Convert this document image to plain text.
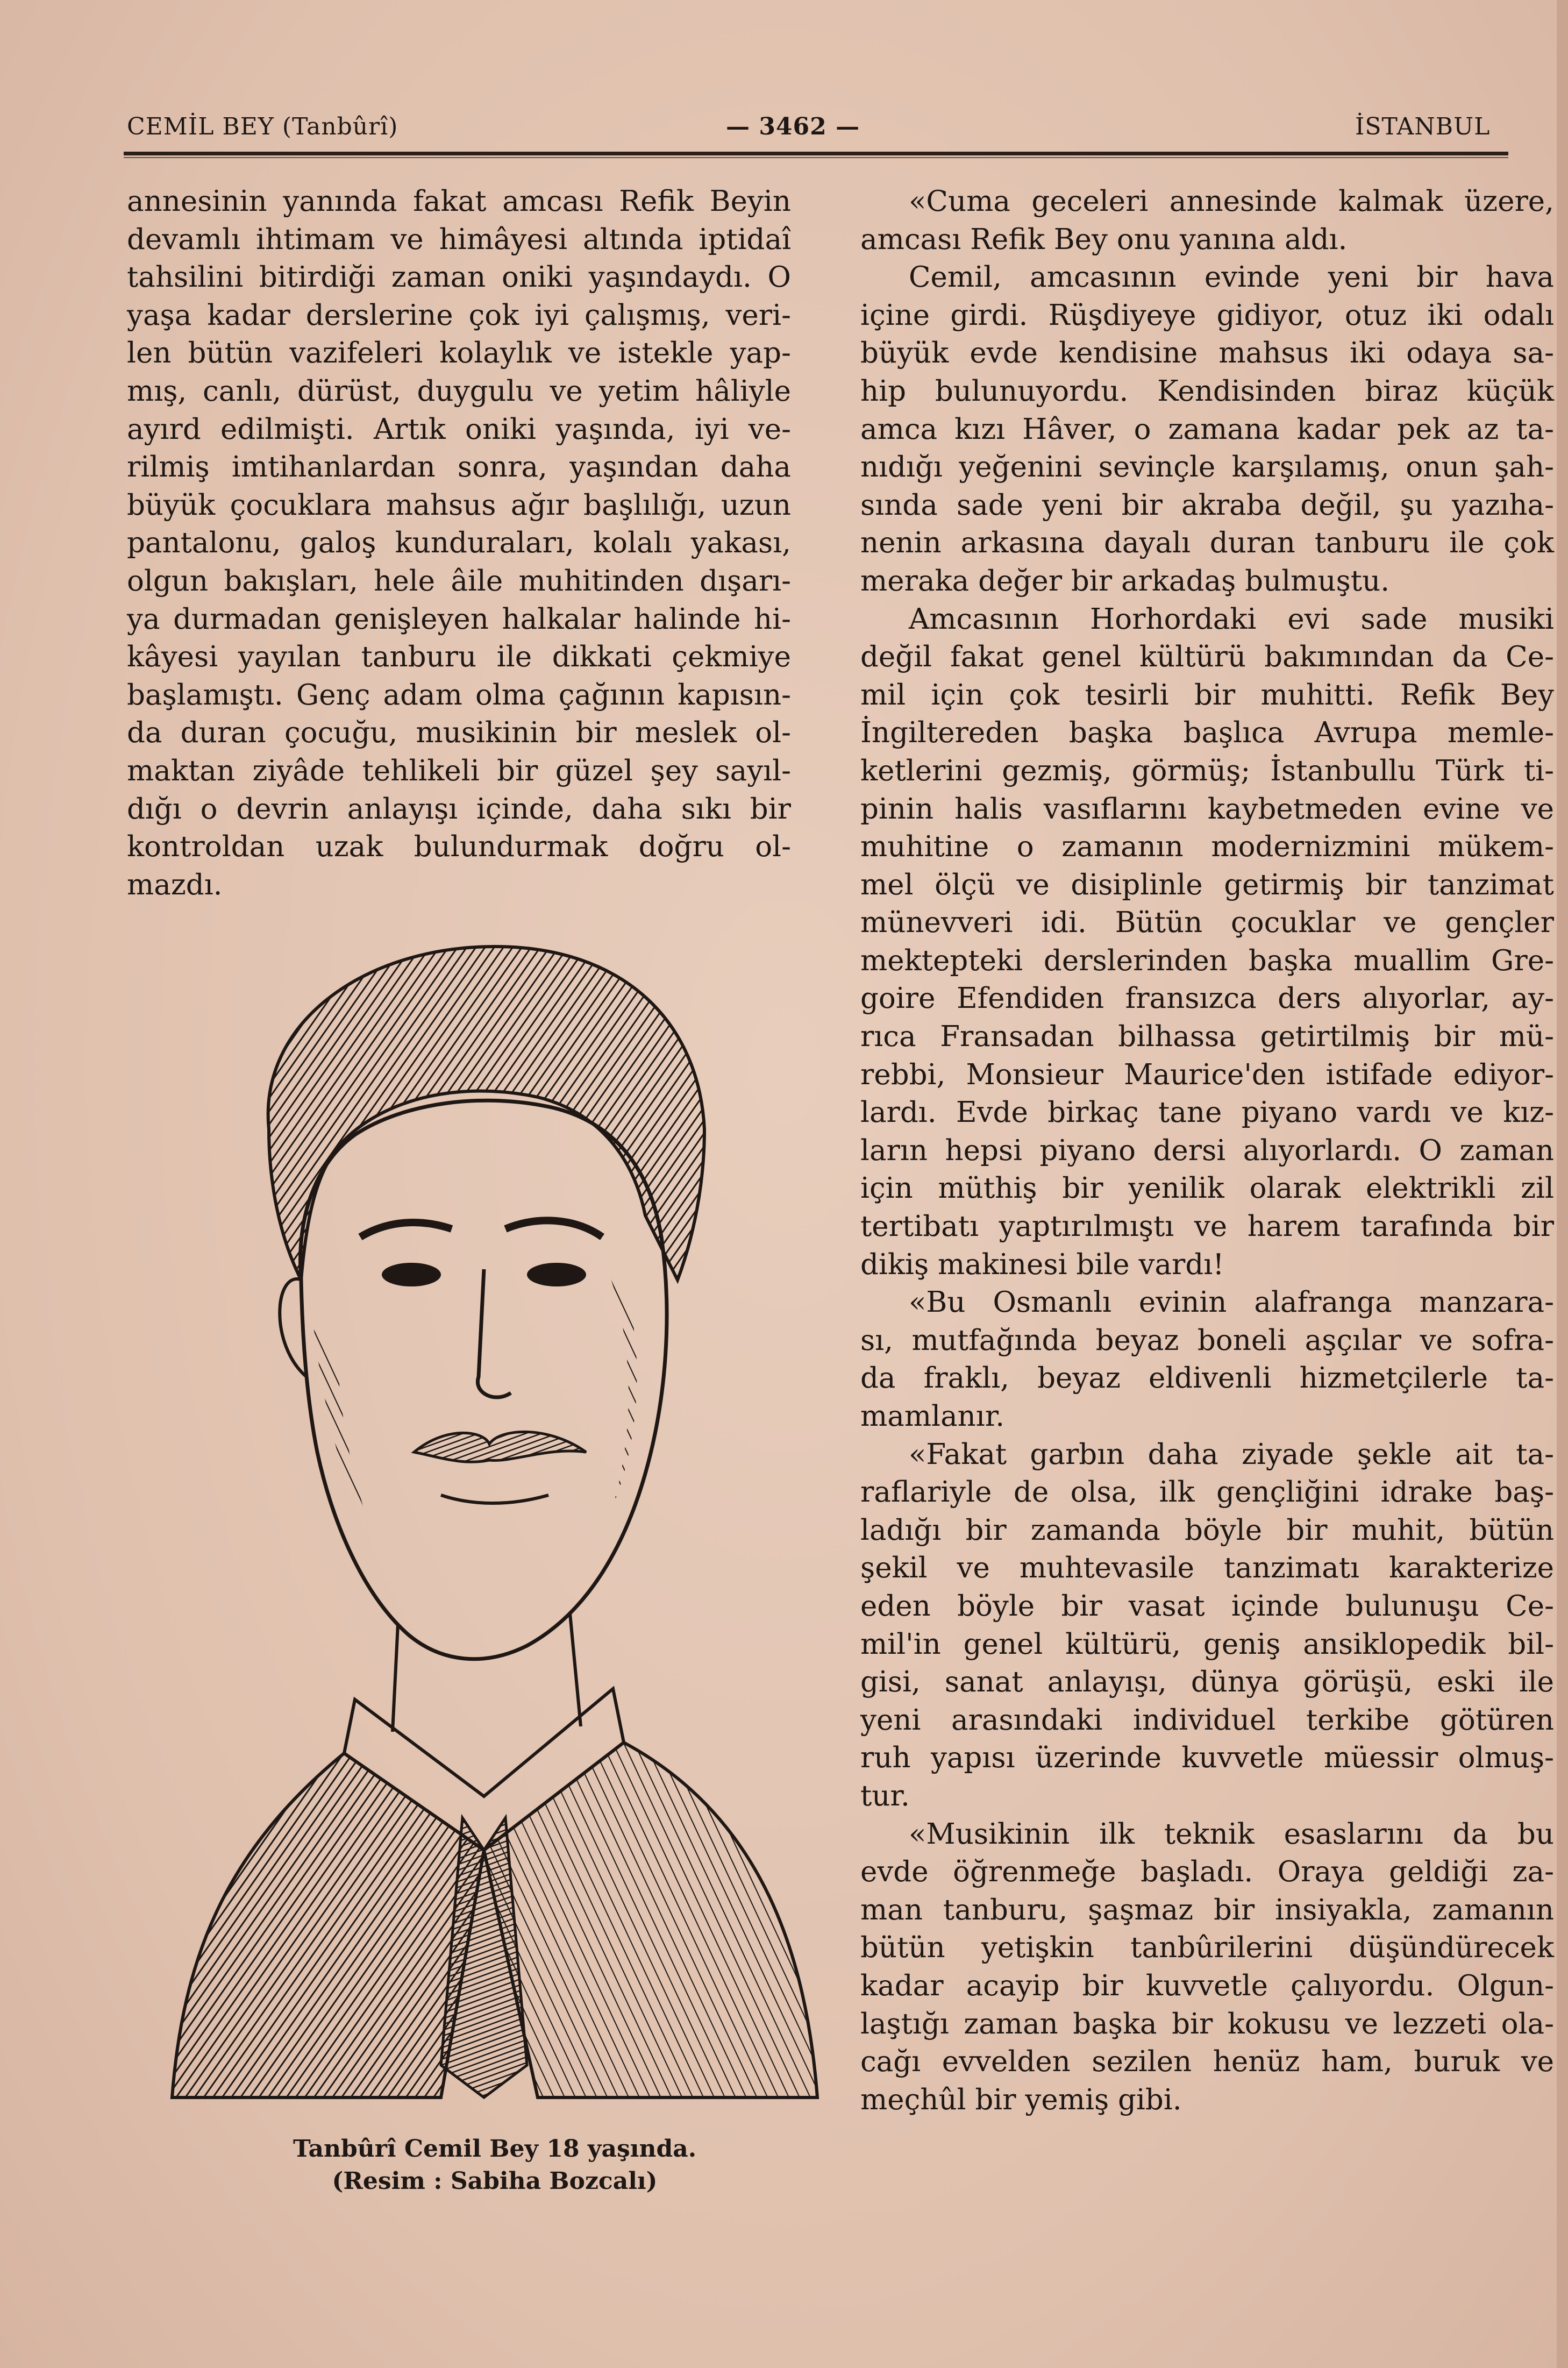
CEMİL BEY (Tanbûrî)	— 3462 —	İSTANBUL

annesinin yanında fakat amcası Refik Beyin

devamlı ihtimam ve himâyesi altında iptidaî

tahsilini bitirdiği zaman oniki yaşındaydı. O

yaşa kadar derslerine çok iyi çalışmış, veri-

len bütün vazifeleri kolaylık ve istekle yap-

mış, canlı, dürüst, duygulu ve yetim hâliyle

ayırd edilmişti. Artık oniki yaşında, iyi ve-

rilmiş imtihanlardan sonra, yaşından daha

büyük çocuklara mahsus ağır başlılığı, uzun

pantalonu, galoş kunduraları, kolalı yakası,

olgun bakışları, hele âile muhitinden dışarı-

ya durmadan genişleyen halkalar halinde hi-

kâyesi yayılan tanburu ile dikkati çekmiye

başlamıştı. Genç adam olma çağının kapısın-

da duran çocuğu, musikinin bir meslek ol-

maktan ziyâde tehlikeli bir güzel şey sayıl-

dığı o devrin anlayışı içinde, daha sıkı bir

kontroldan uzak bulundurmak doğru ol-

mazdı.

Tanbûrî Cemil Bey 18 yaşında.
(Resim : Sabiha Bozcalı)

«Cuma geceleri annesinde kalmak üzere,

amcası Refik Bey onu yanına aldı.

Cemil, amcasının evinde yeni bir hava

içine girdi. Rüşdiyeye gidiyor, otuz iki odalı

büyük evde kendisine mahsus iki odaya sa-

hip bulunuyordu. Kendisinden biraz küçük

amca kızı Hâver, o zamana kadar pek az ta-

nıdığı yeğenini sevinçle karşılamış, onun şah-

sında sade yeni bir akraba değil, şu yazıha-

nenin arkasına dayalı duran tanburu ile çok

meraka değer bir arkadaş bulmuştu.

Amcasının Horhordaki evi sade musiki

değil fakat genel kültürü bakımından da Ce-

mil için çok tesirli bir muhitti. Refik Bey

İngiltereden başka başlıca Avrupa memle-

ketlerini gezmiş, görmüş; İstanbullu Türk ti-

pinin halis vasıflarını kaybetmeden evine ve

muhitine o zamanın modernizmini mükem-

mel ölçü ve disiplinle getirmiş bir tanzimat

münevveri idi. Bütün çocuklar ve gençler

mektepteki derslerinden başka muallim Gre-

goire Efendiden fransızca ders alıyorlar, ay-

rıca Fransadan bilhassa getirtilmiş bir mü-

rebbi, Monsieur Maurice'den istifade ediyor-

lardı. Evde birkaç tane piyano vardı ve kız-

ların hepsi piyano dersi alıyorlardı. O zaman

için müthiş bir yenilik olarak elektrikli zil

tertibatı yaptırılmıştı ve harem tarafında bir

dikiş makinesi bile vardı!

«Bu Osmanlı evinin alafranga manzara-

sı, mutfağında beyaz boneli aşçılar ve sofra-

da fraklı, beyaz eldivenli hizmetçilerle ta-

mamlanır.

«Fakat garbın daha ziyade şekle ait ta-

raflariyle de olsa, ilk gençliğini idrake baş-

ladığı bir zamanda böyle bir muhit, bütün

şekil ve muhtevasile tanzimatı karakterize

eden böyle bir vasat içinde bulunuşu Ce-

mil'in genel kültürü, geniş ansiklopedik bil-

gisi, sanat anlayışı, dünya görüşü, eski ile

yeni arasındaki individuel terkibe götüren

ruh yapısı üzerinde kuvvetle müessir olmuş-

tur.

«Musikinin ilk teknik esaslarını da bu

evde öğrenmeğe başladı. Oraya geldiği za-

man tanburu, şaşmaz bir insiyakla, zamanın

bütün yetişkin tanbûrilerini düşündürecek

kadar acayip bir kuvvetle çalıyordu. Olgun-

laştığı zaman başka bir kokusu ve lezzeti ola-

cağı evvelden sezilen henüz ham, buruk ve

meçhûl bir yemiş gibi.
